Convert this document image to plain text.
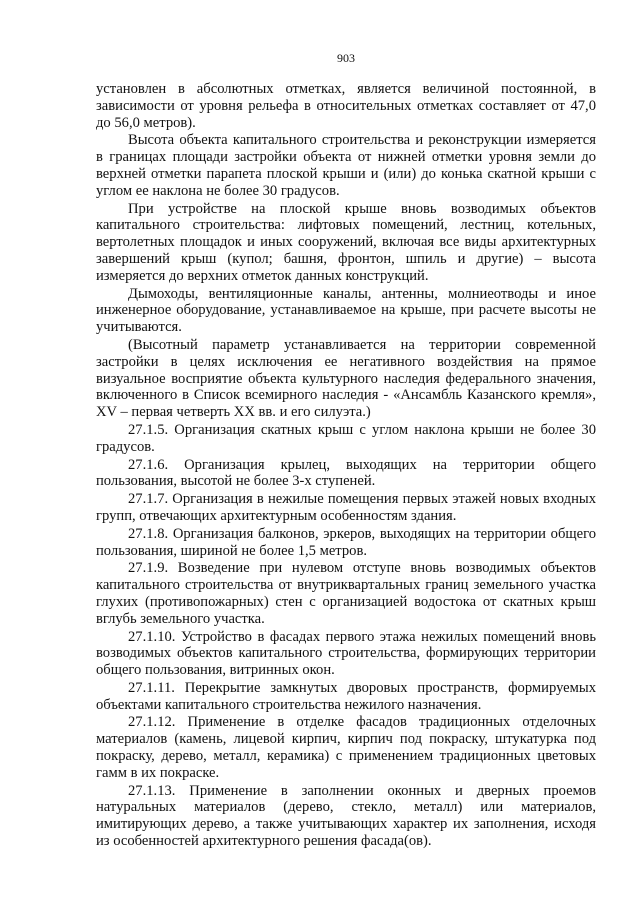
903

установлен в абсолютных отметках, является величиной постоянной, в зависимости от уровня рельефа в относительных отметках составляет от 47,0 до 56,0 метров).

Высота объекта капитального строительства и реконструкции измеряется в границах площади застройки объекта от нижней отметки уровня земли до верхней отметки парапета плоской крыши и (или) до конька скатной крыши с углом ее наклона не более 30 градусов.

При устройстве на плоской крыше вновь возводимых объектов капитального строительства: лифтовых помещений, лестниц, котельных, вертолетных площадок и иных сооружений, включая все виды архитектурных завершений крыш (купол; башня, фронтон, шпиль и другие) – высота измеряется до верхних отметок данных конструкций.

Дымоходы, вентиляционные каналы, антенны, молниеотводы и иное инженерное оборудование, устанавливаемое на крыше, при расчете высоты не учитываются.

(Высотный параметр устанавливается на территории современной застройки в целях исключения ее негативного воздействия на прямое визуальное восприятие объекта культурного наследия федерального значения, включенного в Список всемирного наследия - «Ансамбль Казанского кремля», XV – первая четверть XX вв. и его силуэта.)

27.1.5. Организация скатных крыш с углом наклона крыши не более 30 градусов.

27.1.6. Организация крылец, выходящих на территории общего пользования, высотой не более 3-х ступеней.

27.1.7. Организация в нежилые помещения первых этажей новых входных групп, отвечающих архитектурным особенностям здания.

27.1.8. Организация балконов, эркеров, выходящих на территории общего пользования, шириной не более 1,5 метров.

27.1.9. Возведение при нулевом отступе вновь возводимых объектов капитального строительства от внутриквартальных границ земельного участка глухих (противопожарных) стен с организацией водостока от скатных крыш вглубь земельного участка.

27.1.10. Устройство в фасадах первого этажа нежилых помещений вновь возводимых объектов капитального строительства, формирующих территории общего пользования, витринных окон.

27.1.11. Перекрытие замкнутых дворовых пространств, формируемых объектами капитального строительства нежилого назначения.

27.1.12. Применение в отделке фасадов традиционных отделочных материалов (камень, лицевой кирпич, кирпич под покраску, штукатурка под покраску, дерево, металл, керамика) с применением традиционных цветовых гамм в их покраске.

27.1.13. Применение в заполнении оконных и дверных проемов натуральных материалов (дерево, стекло, металл) или материалов, имитирующих дерево, а также учитывающих характер их заполнения, исходя из особенностей архитектурного решения фасада(ов).
